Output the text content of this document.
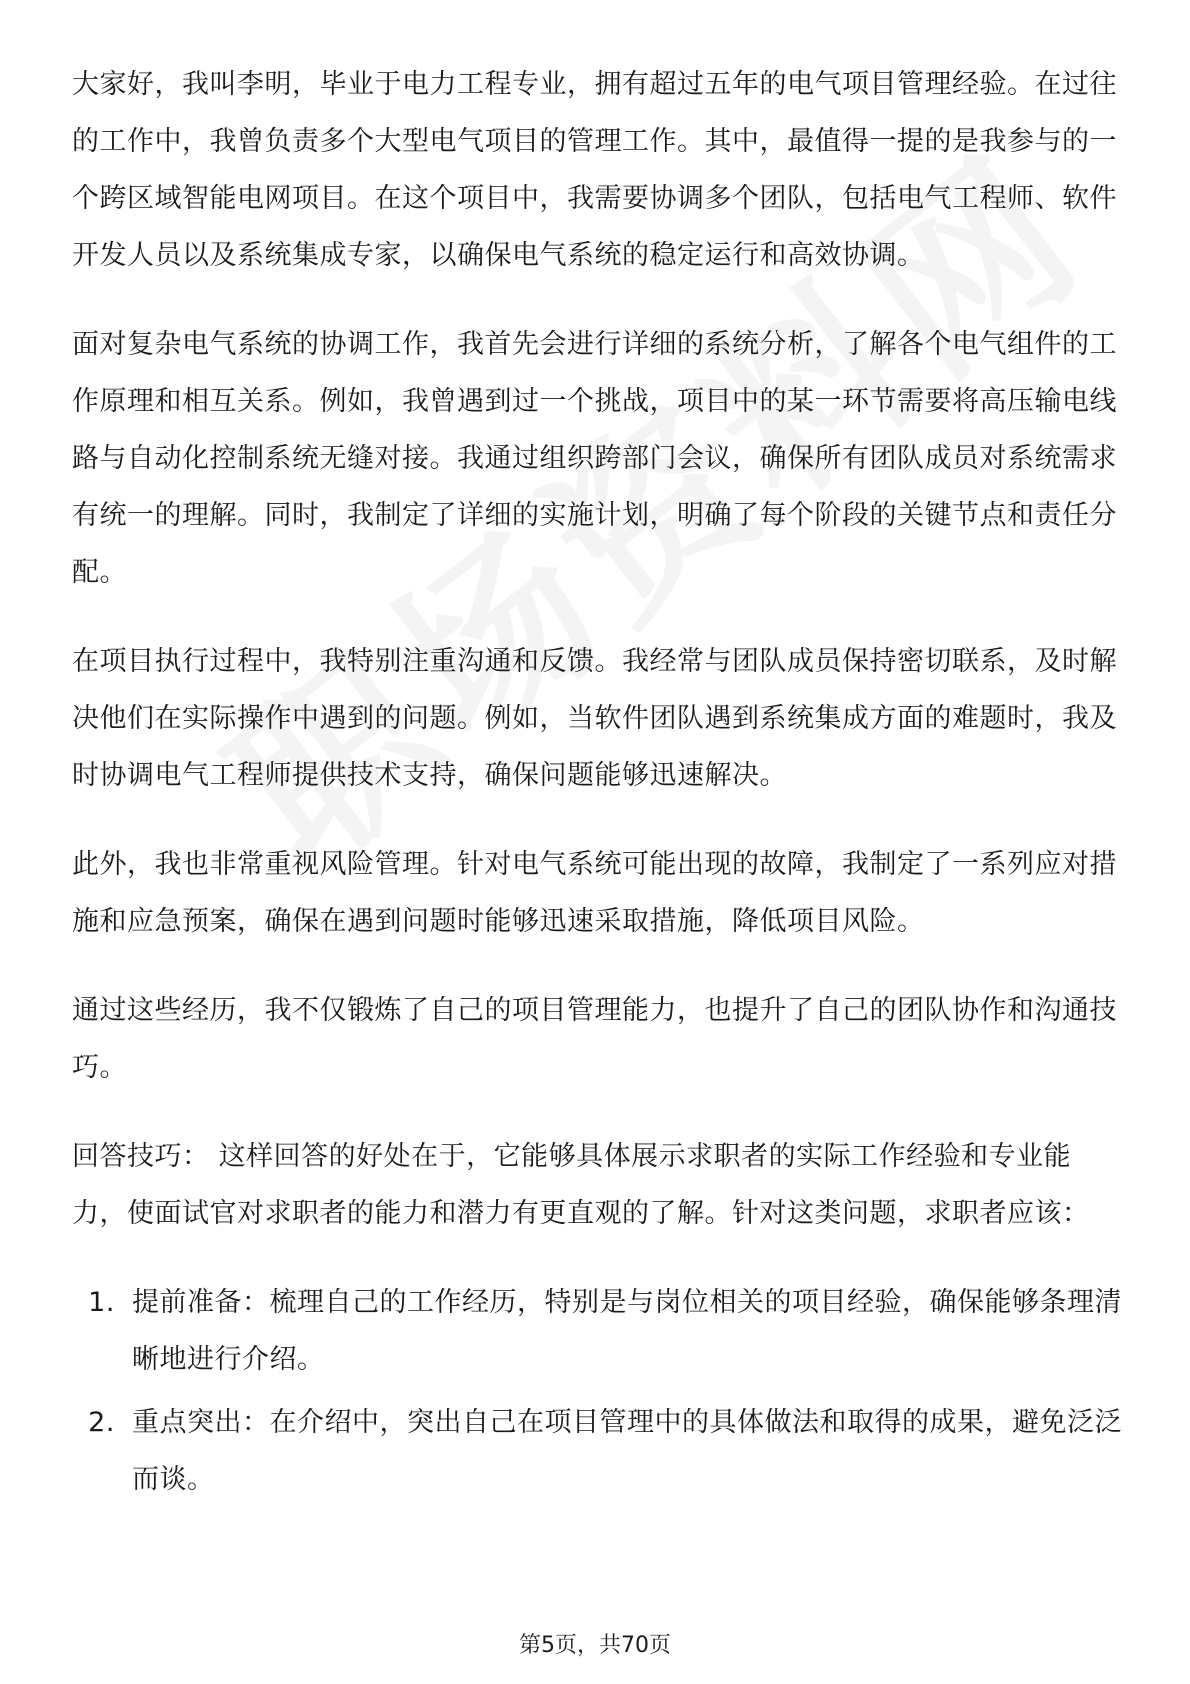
大家好，我叫李明，毕业于电力工程专业，拥有超过五年的电气项目管理经验。在过往的工作中，我曾负责多个大型电气项目的管理工作。其中，最值得一提的是我参与的一个跨区域智能电网项目。在这个项目中，我需要协调多个团队，包括电气工程师、软件开发人员以及系统集成专家，以确保电气系统的稳定运行和高效协调。

面对复杂电气系统的协调工作，我首先会进行详细的系统分析，了解各个电气组件的工作原理和相互关系。例如，我曾遇到过一个挑战，项目中的某一环节需要将高压输电线路与自动化控制系统无缝对接。我通过组织跨部门会议，确保所有团队成员对系统需求有统一的理解。同时，我制定了详细的实施计划，明确了每个阶段的关键节点和责任分配。

在项目执行过程中，我特别注重沟通和反馈。我经常与团队成员保持密切联系，及时解决他们在实际操作中遇到的问题。例如，当软件团队遇到系统集成方面的难题时，我及时协调电气工程师提供技术支持，确保问题能够迅速解决。

此外，我也非常重视风险管理。针对电气系统可能出现的故障，我制定了一系列应对措施和应急预案，确保在遇到问题时能够迅速采取措施，降低项目风险。

通过这些经历，我不仅锻炼了自己的项目管理能力，也提升了自己的团队协作和沟通技巧。

回答技巧： 这样回答的好处在于，它能够具体展示求职者的实际工作经验和专业能力，使面试官对求职者的能力和潜力有更直观的了解。针对这类问题，求职者应该：

1. 提前准备：梳理自己的工作经历，特别是与岗位相关的项目经验，确保能够条理清晰地进行介绍。
2. 重点突出：在介绍中，突出自己在项目管理中的具体做法和取得的成果，避免泛泛而谈。
第5页，共70页
